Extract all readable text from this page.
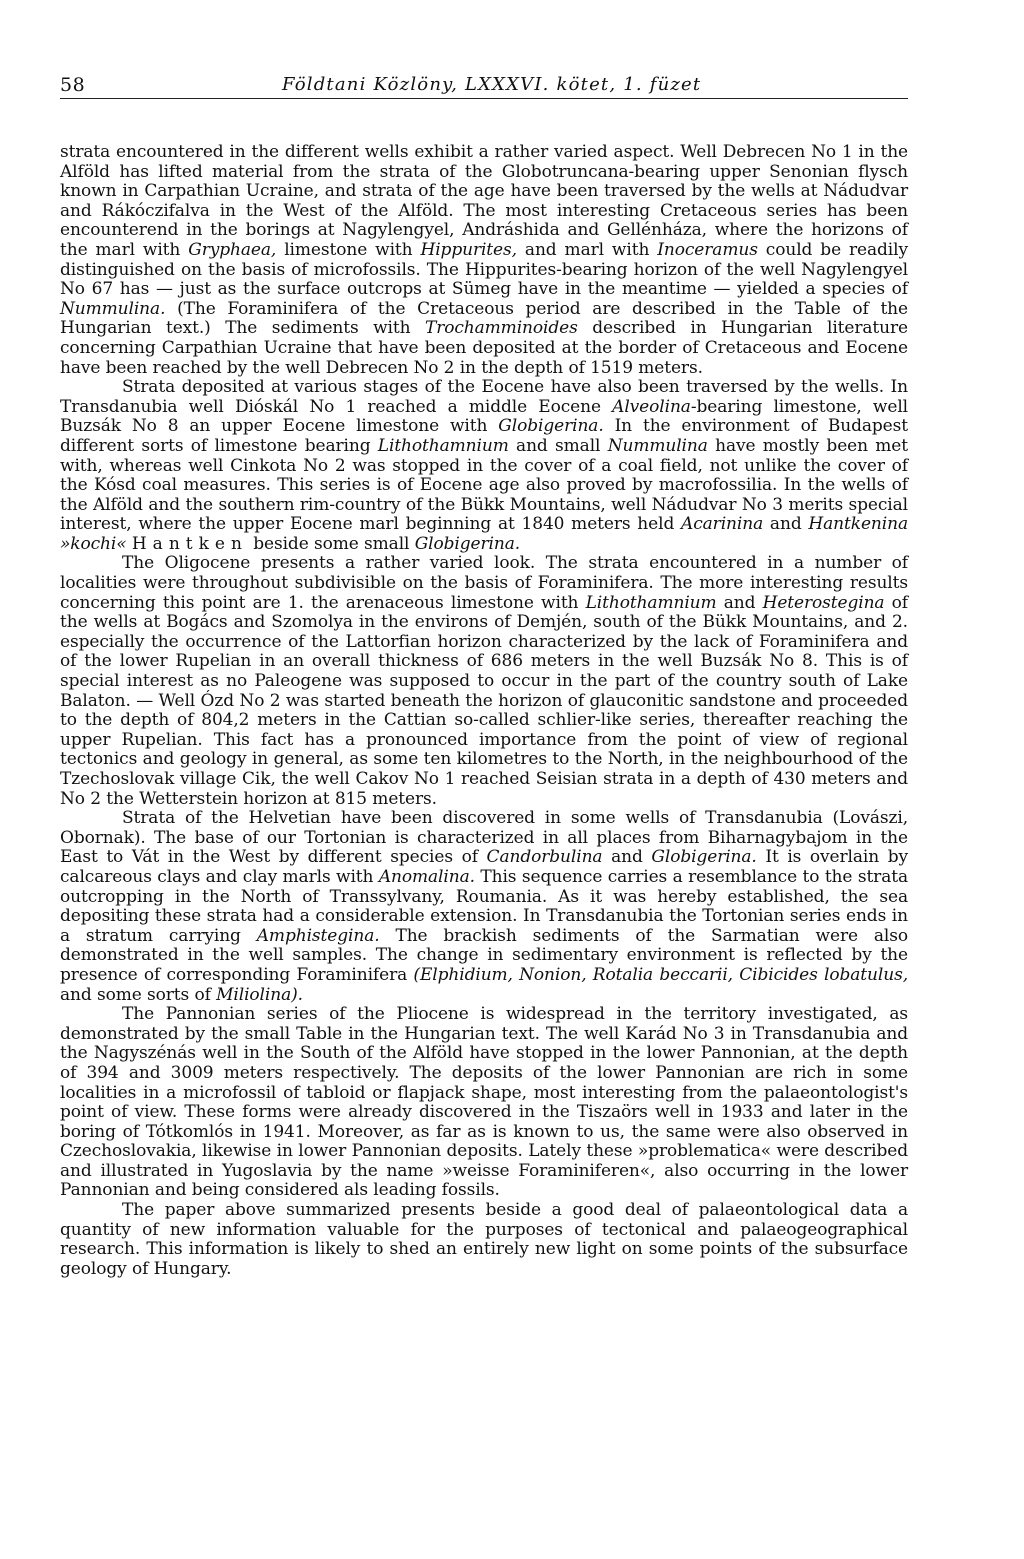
58	Földtani Közlöny, LXXXVI. kötet, 1. füzet

strata encountered in the different wells exhibit a rather varied aspect. Well Debrecen No 1 in the Alföld has lifted material from the strata of the Globotruncana-bearing upper Senonian flysch known in Carpathian Ucraine, and strata of the age have been traversed by the wells at Nádudvar and Rákóczifalva in the West of the Alföld. The most interesting Cretaceous series has been encounterend in the borings at Nagylengyel, Andráshida and Gellénháza, where the horizons of the marl with Gryphaea, limestone with Hippurites, and marl with Inoceramus could be readily distinguished on the basis of microfossils. The Hippurites-bearing horizon of the well Nagylengyel No 67 has — just as the surface outcrops at Sümeg have in the meantime — yielded a species of Nummulina. (The Foraminifera of the Cretaceous period are described in the Table of the Hungarian text.) The sediments with Trochamminoides described in Hungarian literature concerning Carpathian Ucraine that have been deposited at the border of Cretaceous and Eocene have been reached by the well Debrecen No 2 in the depth of 1519 meters.

Strata deposited at various stages of the Eocene have also been traversed by the wells. In Transdanubia well Dióskál No 1 reached a middle Eocene Alveolina-bearing limestone, well Buzsák No 8 an upper Eocene limestone with Globigerina. In the environment of Budapest different sorts of limestone bearing Lithothamnium and small Nummulina have mostly been met with, whereas well Cinkota No 2 was stopped in the cover of a coal field, not unlike the cover of the Kósd coal measures. This series is of Eocene age also proved by macrofossilia. In the wells of the Alföld and the southern rim-country of the Bükk Mountains, well Nádudvar No 3 merits special interest, where the upper Eocene marl beginning at 1840 meters held Acarinina and Hantkenina »kochi« Hantken beside some small Globigerina.

The Oligocene presents a rather varied look. The strata encountered in a number of localities were throughout subdivisible on the basis of Foraminifera. The more interesting results concerning this point are 1. the arenaceous limestone with Lithothamnium and Heterostegina of the wells at Bogács and Szomolya in the environs of Demjén, south of the Bükk Mountains, and 2. especially the occurrence of the Lattorfian horizon characterized by the lack of Foraminifera and of the lower Rupelian in an overall thickness of 686 meters in the well Buzsák No 8. This is of special interest as no Paleogene was supposed to occur in the part of the country south of Lake Balaton. — Well Ózd No 2 was started beneath the horizon of glauconitic sandstone and proceeded to the depth of 804,2 meters in the Cattian so-called schlier-like series, thereafter reaching the upper Rupelian. This fact has a pronounced importance from the point of view of regional tectonics and geology in general, as some ten kilometres to the North, in the neighbourhood of the Tzechoslovak village Cik, the well Cakov No 1 reached Seisian strata in a depth of 430 meters and No 2 the Wetterstein horizon at 815 meters.

Strata of the Helvetian have been discovered in some wells of Transdanubia (Lovászi, Obornak). The base of our Tortonian is characterized in all places from Biharnagybajom in the East to Vát in the West by different species of Candorbulina and Globigerina. It is overlain by calcareous clays and clay marls with Anomalina. This sequence carries a resemblance to the strata outcropping in the North of Transsylvany, Roumania. As it was hereby established, the sea depositing these strata had a considerable extension. In Transdanubia the Tortonian series ends in a stratum carrying Amphistegina. The brackish sediments of the Sarmatian were also demonstrated in the well samples. The change in sedimentary environment is reflected by the presence of corresponding Foraminifera (Elphidium, Nonion, Rotalia beccarii, Cibicides lobatulus, and some sorts of Miliolina).

The Pannonian series of the Pliocene is widespread in the territory investigated, as demonstrated by the small Table in the Hungarian text. The well Karád No 3 in Transdanubia and the Nagyszénás well in the South of the Alföld have stopped in the lower Pannonian, at the depth of 394 and 3009 meters respectively. The deposits of the lower Pannonian are rich in some localities in a microfossil of tabloid or flapjack shape, most interesting from the palaeontologist's point of view. These forms were already discovered in the Tiszaörs well in 1933 and later in the boring of Tótkomlós in 1941. Moreover, as far as is known to us, the same were also observed in Czechoslovakia, likewise in lower Pannonian deposits. Lately these »problematica« were described and illustrated in Yugoslavia by the name »weisse Foraminiferen«, also occurring in the lower Pannonian and being considered als leading fossils.

The paper above summarized presents beside a good deal of palaeontological data a quantity of new information valuable for the purposes of tectonical and palaeogeographical research. This information is likely to shed an entirely new light on some points of the subsurface geology of Hungary.
